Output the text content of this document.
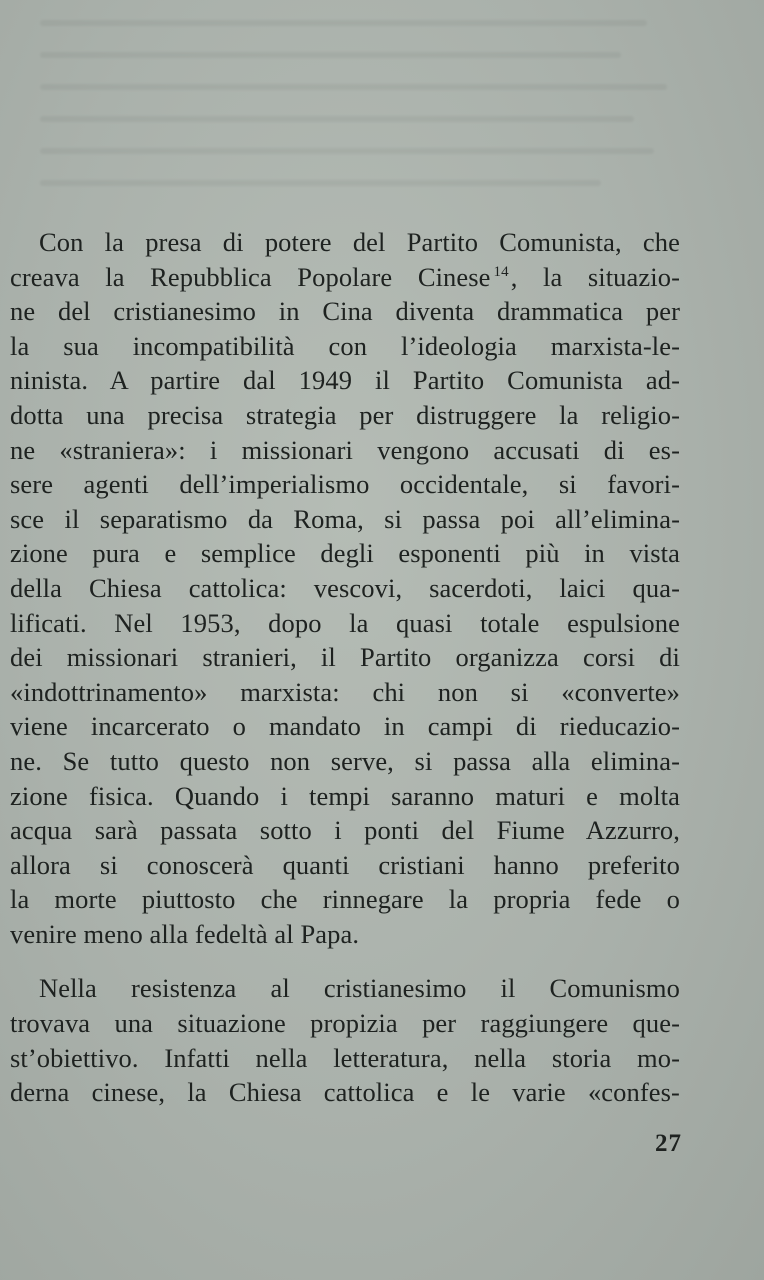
Con la presa di potere del Partito Comunista, che
creava la Repubblica Popolare Cinese $^{14}$, la situazio-
ne del cristianesimo in Cina diventa drammatica per
la sua incompatibilità con l’ideologia marxista-le-
ninista. A partire dal 1949 il Partito Comunista ad-
dotta una precisa strategia per distruggere la religio-
ne «straniera»: i missionari vengono accusati di es-
sere agenti dell’imperialismo occidentale, si favori-
sce il separatismo da Roma, si passa poi all’elimina-
zione pura e semplice degli esponenti più in vista
della Chiesa cattolica: vescovi, sacerdoti, laici qua-
lificati. Nel 1953, dopo la quasi totale espulsione
dei missionari stranieri, il Partito organizza corsi di
«indottrinamento» marxista: chi non si «converte»
viene incarcerato o mandato in campi di rieducazio-
ne. Se tutto questo non serve, si passa alla elimina-
zione fisica. Quando i tempi saranno maturi e molta
acqua sarà passata sotto i ponti del Fiume Azzurro,
allora si conoscerà quanti cristiani hanno preferito
la morte piuttosto che rinnegare la propria fede o
venire meno alla fedeltà al Papa.
Nella resistenza al cristianesimo il Comunismo
trovava una situazione propizia per raggiungere que-
st’obiettivo. Infatti nella letteratura, nella storia mo-
derna cinese, la Chiesa cattolica e le varie «confes-
27
